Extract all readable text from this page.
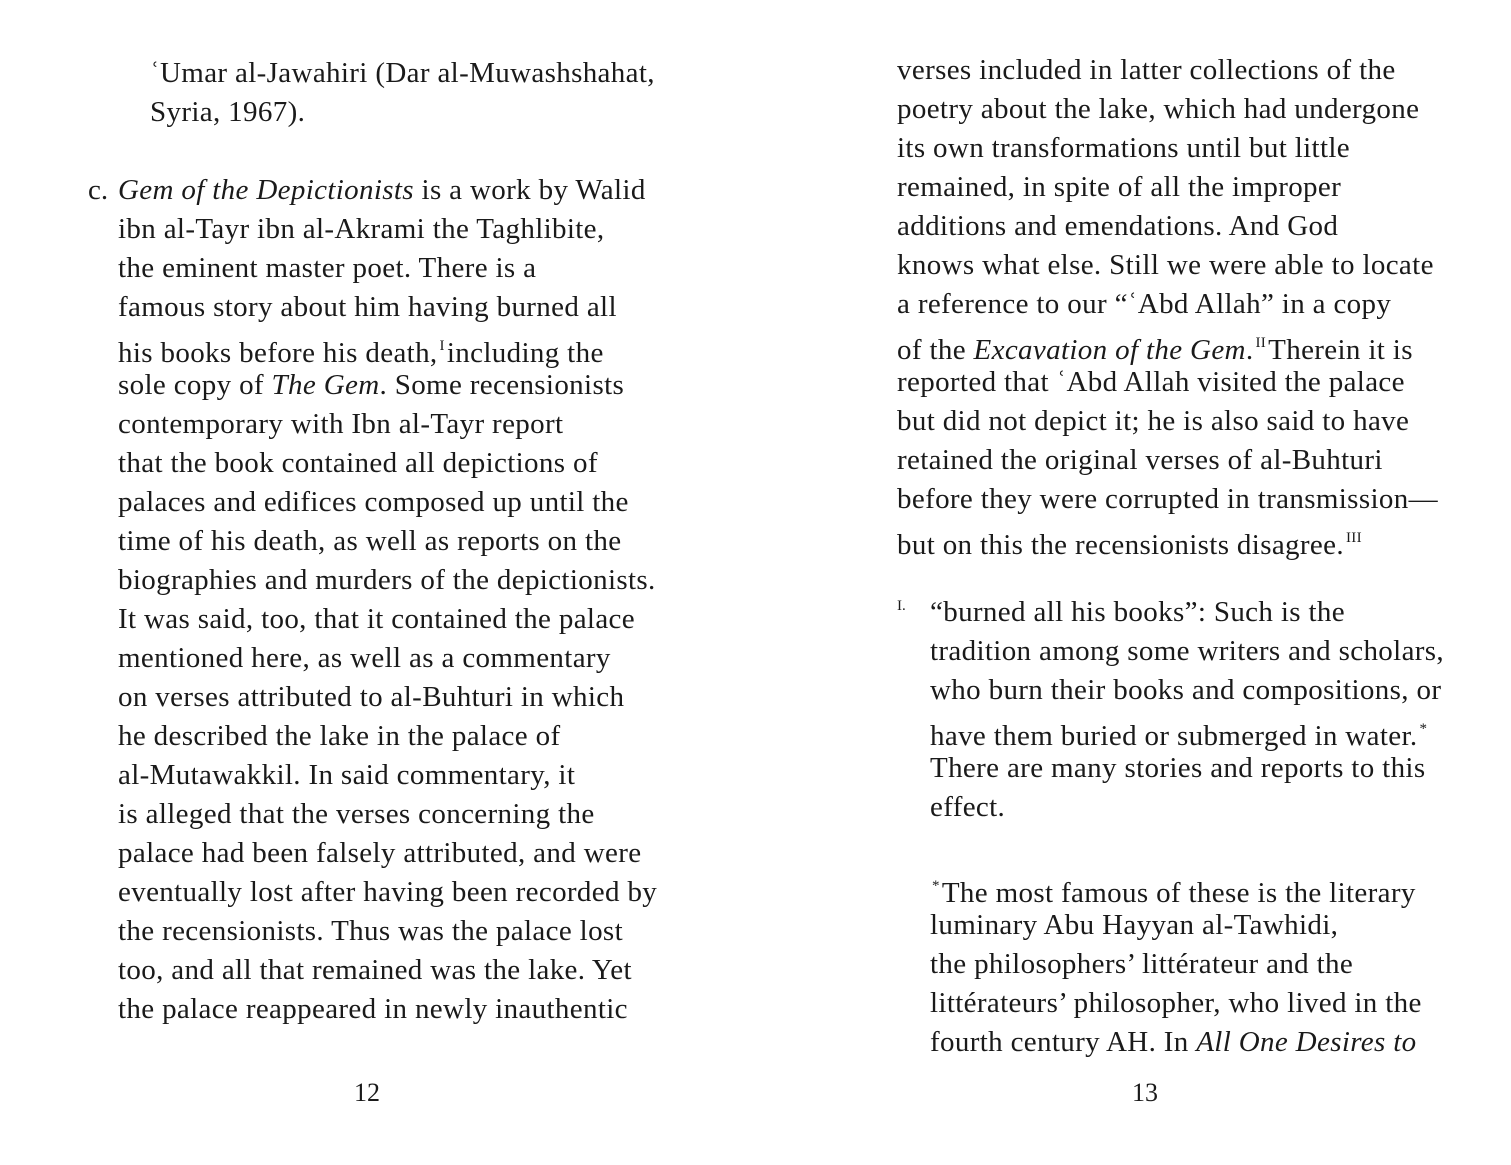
ʿUmar al-Jawahiri (Dar al-Muwashshahat,
Syria, 1967).
c. Gem of the Depictionists is a work by Walid
ibn al-Tayr ibn al-Akrami the Taghlibite,
the eminent master poet. There is a
famous story about him having burned all
his books before his death, $^I$including the
sole copy of The Gem. Some recensionists
contemporary with Ibn al-Tayr report
that the book contained all depictions of
palaces and edifices composed up until the
time of his death, as well as reports on the
biographies and murders of the depictionists.
It was said, too, that it contained the palace
mentioned here, as well as a commentary
on verses attributed to al-Buhturi in which
he described the lake in the palace of
al-Mutawakkil. In said commentary, it
is alleged that the verses concerning the
palace had been falsely attributed, and were
eventually lost after having been recorded by
the recensionists. Thus was the palace lost
too, and all that remained was the lake. Yet
the palace reappeared in newly inauthentic
12
verses included in latter collections of the
poetry about the lake, which had undergone
its own transformations until but little
remained, in spite of all the improper
additions and emendations. And God
knows what else. Still we were able to locate
a reference to our “ʿAbd Allah” in a copy
of the Excavation of the Gem. $^{II}$Therein it is
reported that ʿAbd Allah visited the palace
but did not depict it; he is also said to have
retained the original verses of al-Buhturi
before they were corrupted in transmission—
but on this the recensionists disagree. $^{III}$
I. “burned all his books”: Such is the
tradition among some writers and scholars,
who burn their books and compositions, or
have them buried or submerged in water. *
There are many stories and reports to this
effect.
*The most famous of these is the literary
luminary Abu Hayyan al-Tawhidi,
the philosophers’ littérateur and the
littérateurs’ philosopher, who lived in the
fourth century AH. In All One Desires to
13
